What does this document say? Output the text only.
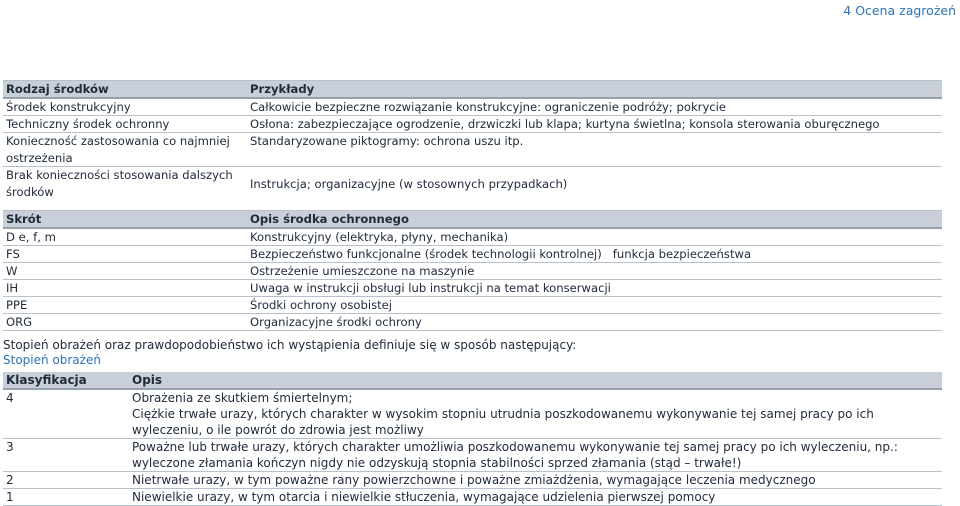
4 Ocena zagrożeń
Rodzaj środków	Przykłady
Środek konstrukcyjny	Całkowicie bezpieczne rozwiązanie konstrukcyjne: ograniczenie podróży; pokrycie
Techniczny środek ochronny	Osłona: zabezpieczające ogrodzenie, drzwiczki lub klapa; kurtyna świetlna; konsola sterowania oburęcznego
Konieczność zastosowania co najmniej ostrzeżenia	Standaryzowane piktogramy: ochrona uszu itp.
Brak konieczności stosowania dalszych środków	Instrukcja; organizacyjne (w stosownych przypadkach)

Skrót	Opis środka ochronnego
D e, f, m	Konstrukcyjny (elektryka, płyny, mechanika)
FS	Bezpieczeństwo funkcjonalne (środek technologii kontrolnej)   funkcja bezpieczeństwa
W	Ostrzeżenie umieszczone na maszynie
IH	Uwaga w instrukcji obsługi lub instrukcji na temat konserwacji
PPE	Środki ochrony osobistej
ORG	Organizacyjne środki ochrony
Stopień obrażeń oraz prawdopodobieństwo ich wystąpienia definiuje się w sposób następujący:
Stopień obrażeń
Klasyfikacja	Opis
4	Obrażenia ze skutkiem śmiertelnym;
Ciężkie trwałe urazy, których charakter w wysokim stopniu utrudnia poszkodowanemu wykonywanie tej samej pracy po ich wyleczeniu, o ile powrót do zdrowia jest możliwy

3	Poważne lub trwałe urazy, których charakter umożliwia poszkodowanemu wykonywanie tej samej pracy po ich wyleczeniu, np.: wyleczone złamania kończyn nigdy nie odzyskują stopnia stabilności sprzed złamania (stąd – trwałe!)
2	Nietrwałe urazy, w tym poważne rany powierzchowne i poważne zmiażdżenia, wymagające leczenia medycznego
1	Niewielkie urazy, w tym otarcia i niewielkie stłuczenia, wymagające udzielenia pierwszej pomocy
